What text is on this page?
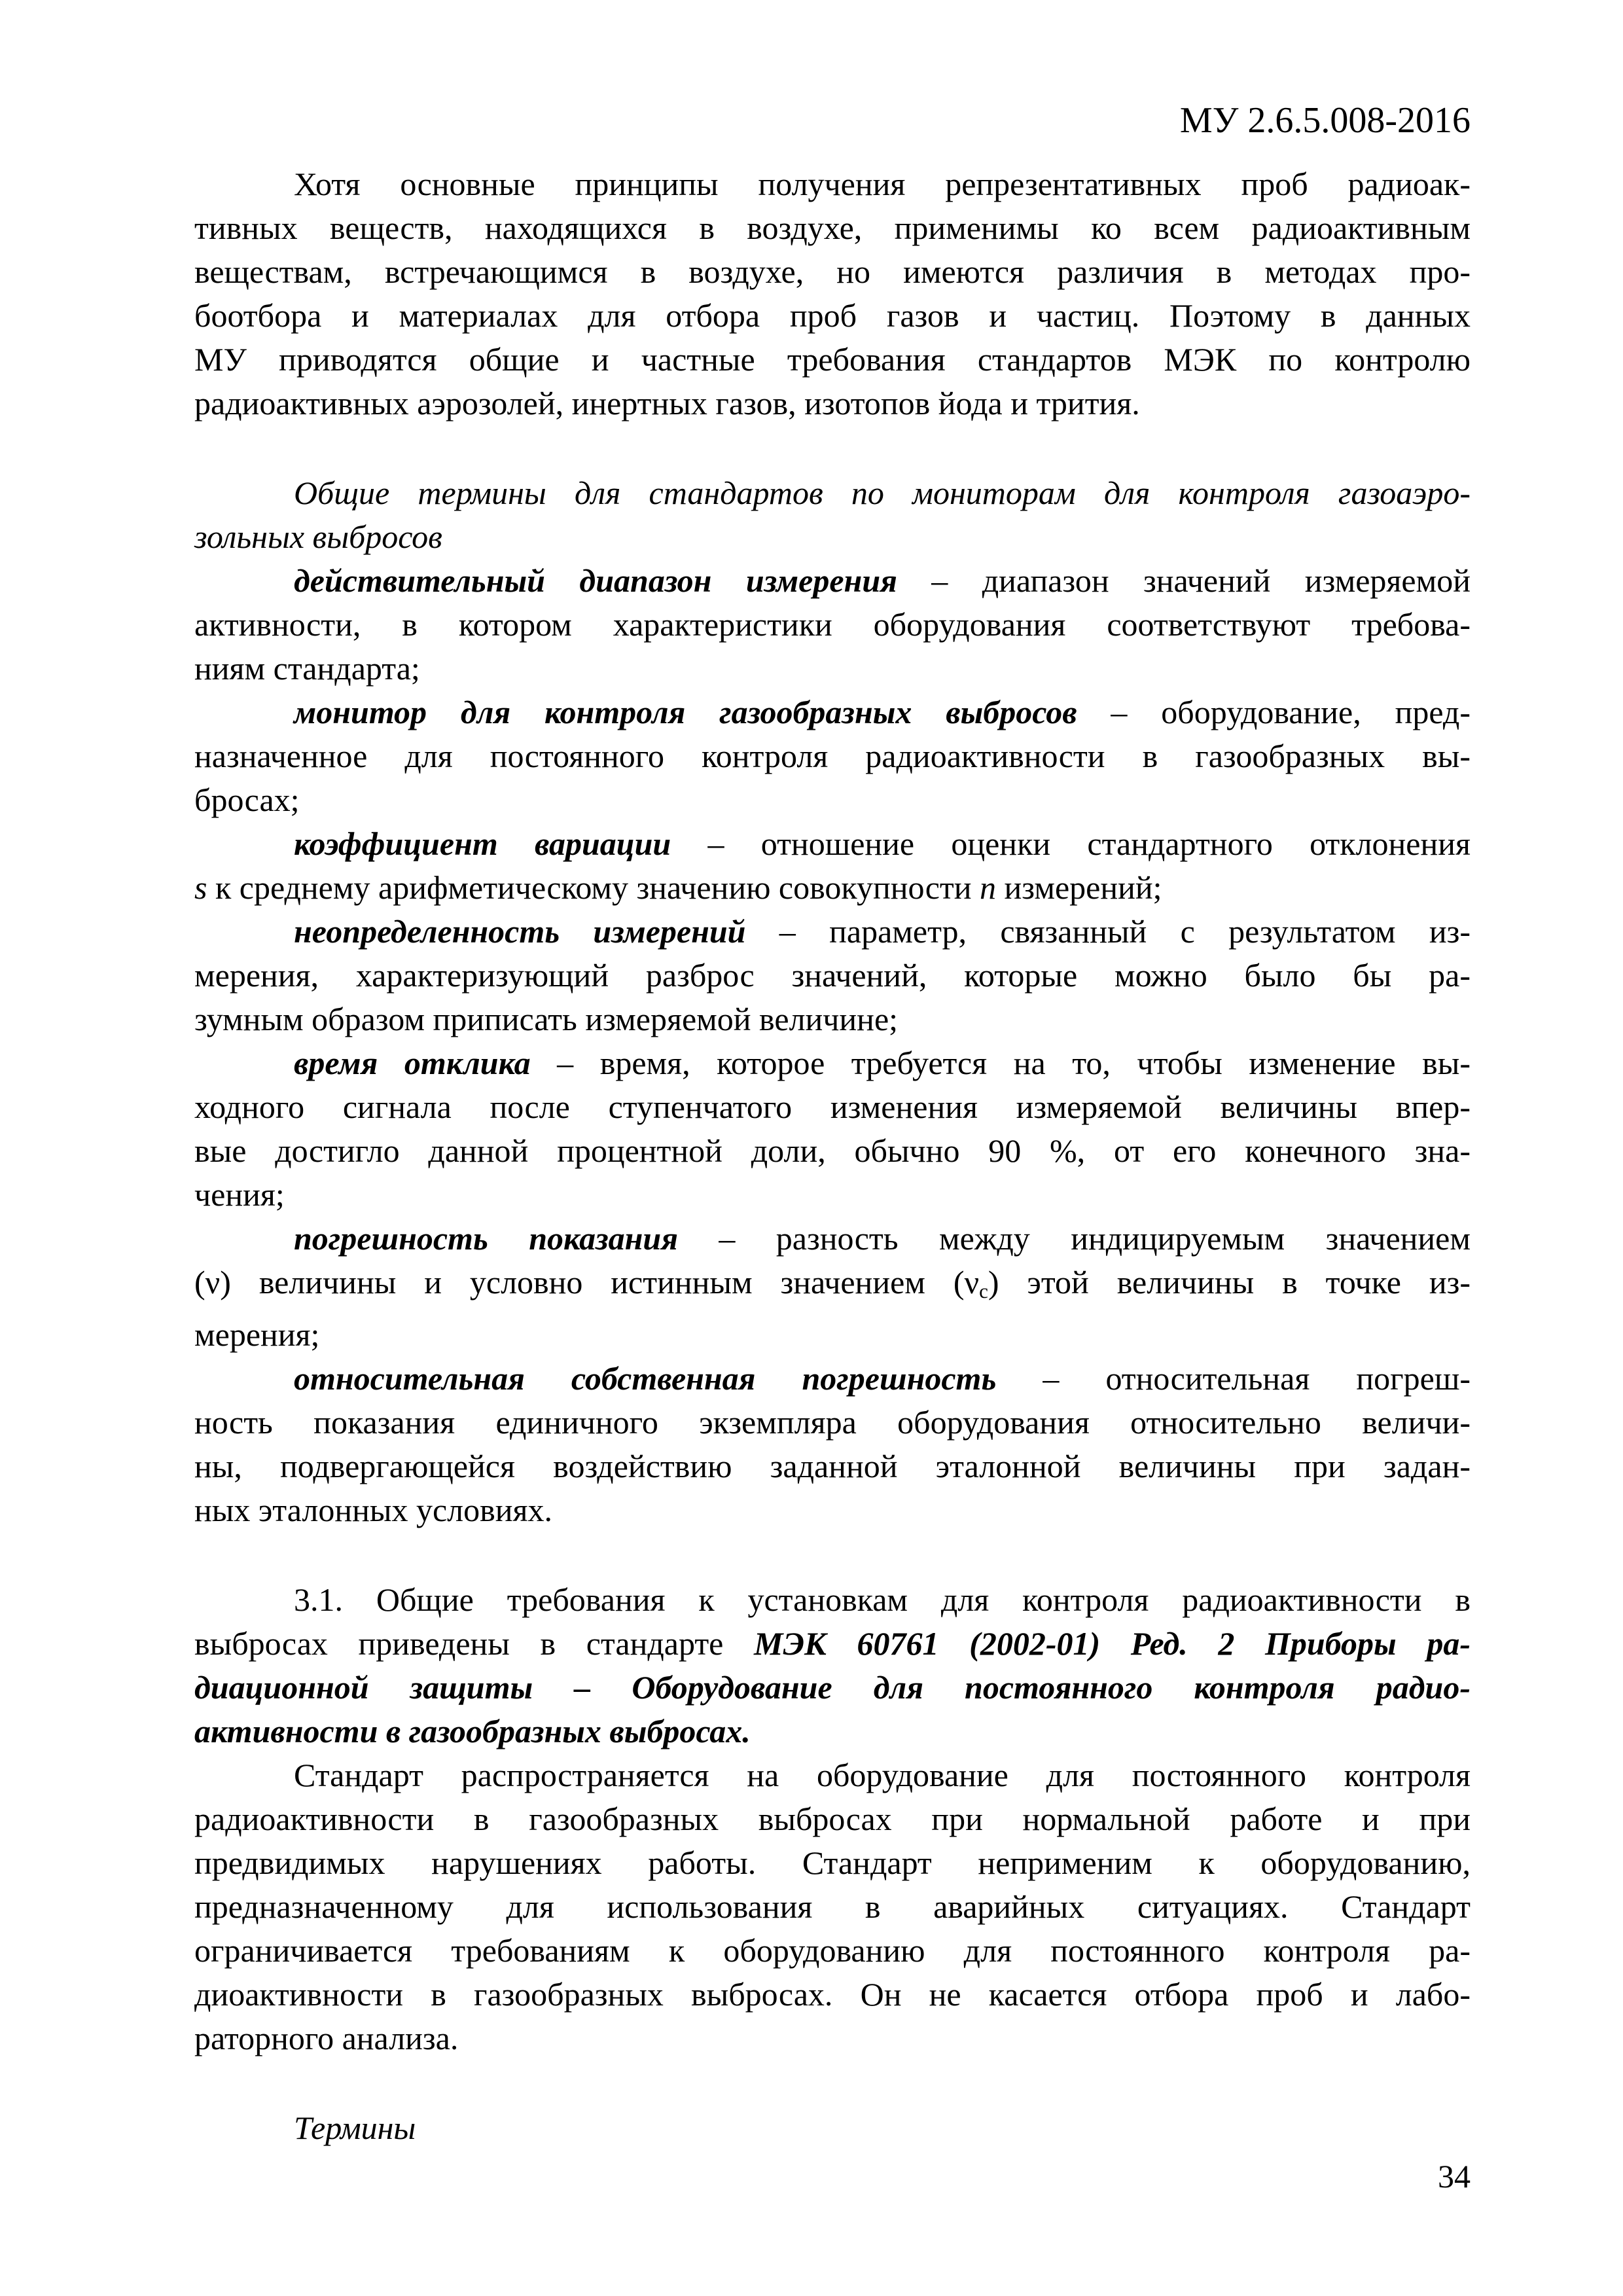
МУ 2.6.5.008-2016
Хотя основные принципы получения репрезентативных проб радиоак-
тивных веществ, находящихся в воздухе, применимы ко всем радиоактивным
веществам, встречающимся в воздухе, но имеются различия в методах про-
боотбора и материалах для отбора проб газов и частиц. Поэтому в данных
МУ приводятся общие и частные требования стандартов МЭК по контролю
радиоактивных аэрозолей, инертных газов, изотопов йода и трития.
Общие термины для стандартов по мониторам для контроля газоаэро-
зольных выбросов
действительный диапазон измерения – диапазон значений измеряемой
активности, в котором характеристики оборудования соответствуют требова-
ниям стандарта;
монитор для контроля газообразных выбросов – оборудование, пред-
назначенное для постоянного контроля радиоактивности в газообразных вы-
бросах;
коэффициент вариации – отношение оценки стандартного отклонения
s к среднему арифметическому значению совокупности n измерений;
неопределенность измерений – параметр, связанный с результатом из-
мерения, характеризующий разброс значений, которые можно было бы ра-
зумным образом приписать измеряемой величине;
время отклика – время, которое требуется на то, чтобы изменение вы-
ходного сигнала после ступенчатого изменения измеряемой величины впер-
вые достигло данной процентной доли, обычно 90 %, от его конечного зна-
чения;
погрешность показания – разность между индицируемым значением
(ν) величины и условно истинным значением $(\nu_c)$ этой величины в точке из-
мерения;
относительная собственная погрешность – относительная погреш-
ность показания единичного экземпляра оборудования относительно величи-
ны, подвергающейся воздействию заданной эталонной величины при задан-
ных эталонных условиях.
3.1. Общие требования к установкам для контроля радиоактивности в
выбросах приведены в стандарте МЭК 60761 (2002-01) Ред. 2 Приборы ра-
диационной защиты – Оборудование для постоянного контроля радио-
активности в газообразных выбросах.
Стандарт распространяется на оборудование для постоянного контроля
радиоактивности в газообразных выбросах при нормальной работе и при
предвидимых нарушениях работы. Стандарт неприменим к оборудованию,
предназначенному для использования в аварийных ситуациях. Стандарт
ограничивается требованиям к оборудованию для постоянного контроля ра-
диоактивности в газообразных выбросах. Он не касается отбора проб и лабо-
раторного анализа.
Термины
34
